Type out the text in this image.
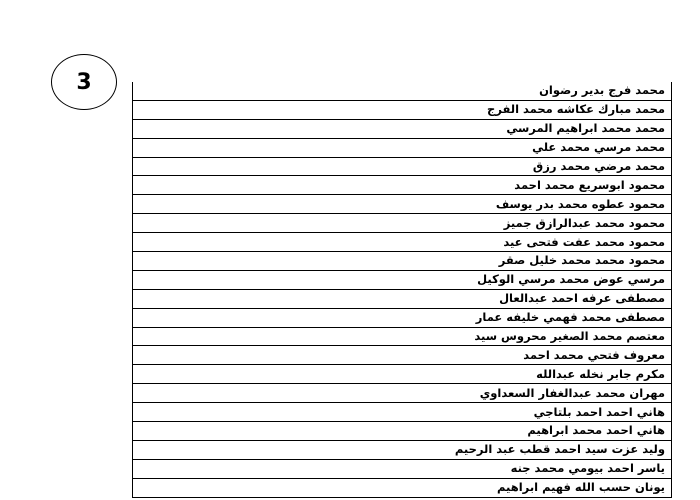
3	محمد فرج بدير رضوان
محمد مبارك عكاشه محمد الفرج
محمد محمد ابراهيم المرسي
محمد مرسي محمد علي
محمد مرضي محمد رزق
محمود ابوسريع محمد احمد
محمود عطوه محمد بدر يوسف
محمود محمد عبدالرازق جميز
محمود محمد عفت فتحى عيد
محمود محمد محمد خليل صقر
مرسي عوض محمد مرسي الوكيل
مصطفى عرفه احمد عبدالعال
مصطفى محمد فهمي خليفه عمار
معتصم محمد الصغير محروس سيد
معروف فتحي محمد احمد
مكرم جابر نخله عبدالله
مهران محمد عبدالغفار السعداوي
هاني احمد احمد بلتاجي
هاني احمد محمد ابراهيم
وليد عزت سيد احمد قطب عبد الرحيم
ياسر احمد بيومي محمد جنه
يونان حسب الله فهيم ابراهيم
